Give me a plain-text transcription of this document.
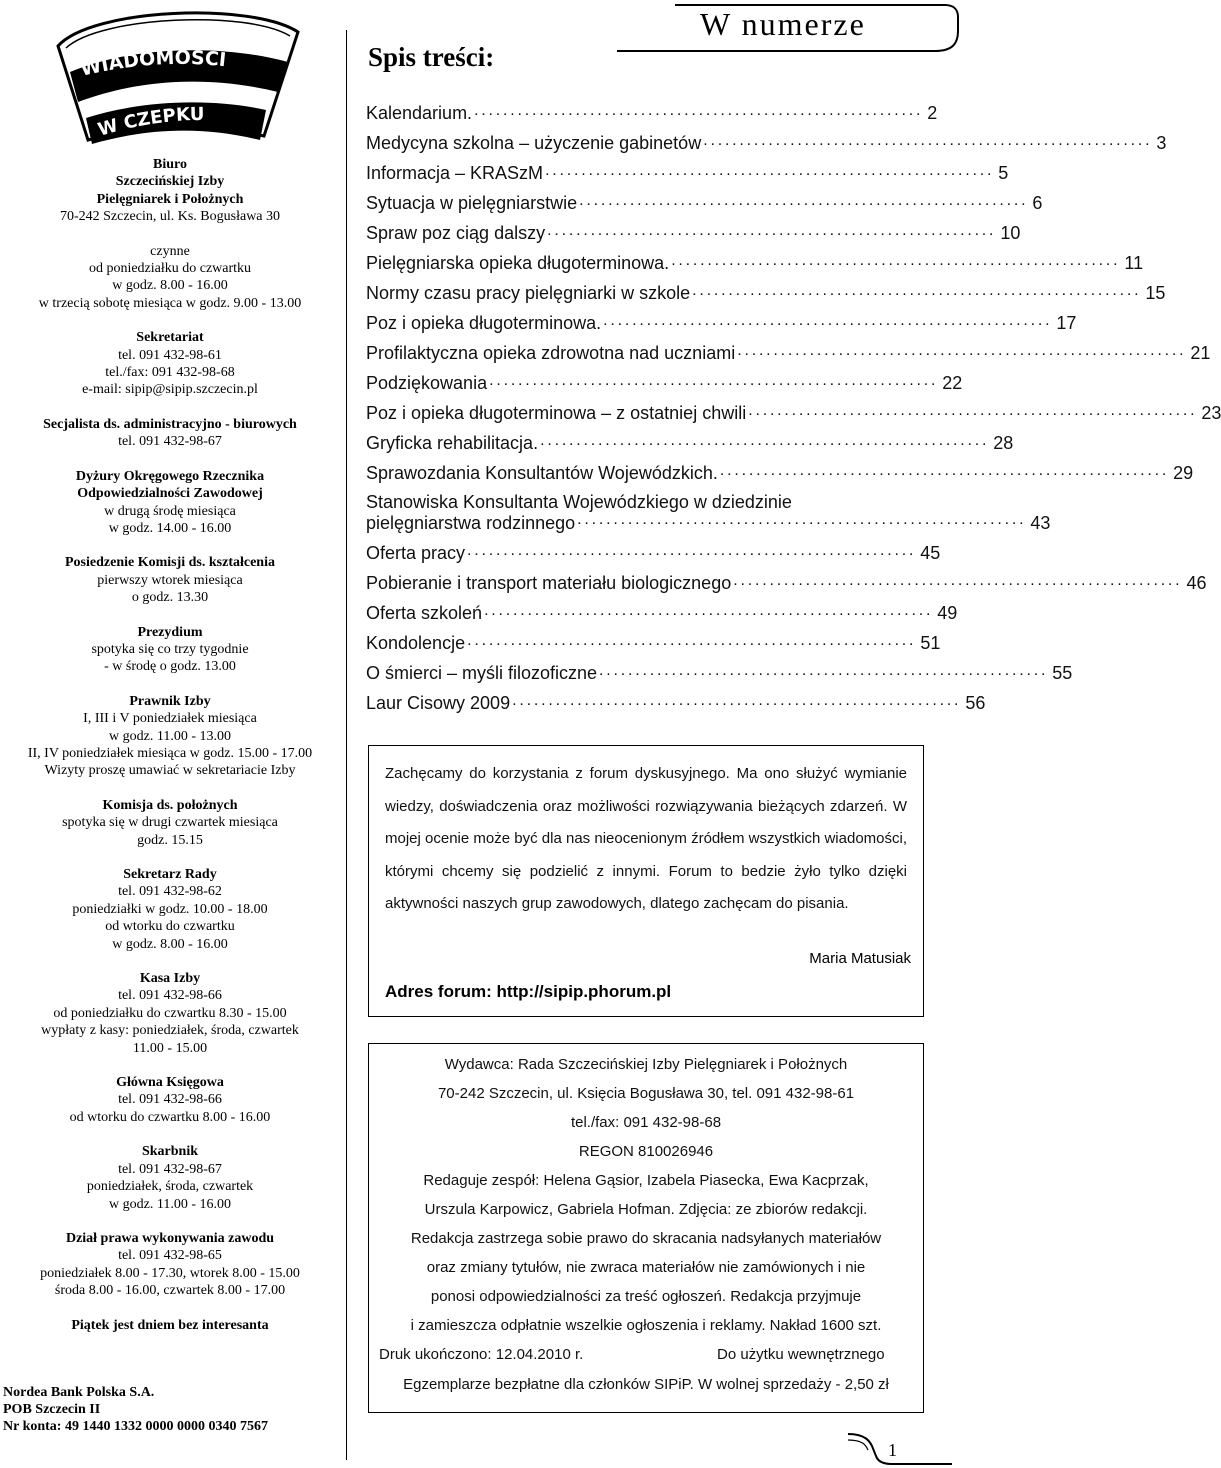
WIADOMOŚCI
W CZEPKU
Biuro
Szczecińskiej Izby
Pielęgniarek i Położnych
70-242 Szczecin, ul. Ks. Bogusława 30
czynne
od poniedziałku do czwartku
w godz. 8.00 - 16.00
w trzecią sobotę miesiąca w godz. 9.00 - 13.00
Sekretariat
tel. 091 432-98-61
tel./fax: 091 432-98-68
e-mail: sipip@sipip.szczecin.pl
Secjalista ds. administracyjno - biurowych
tel. 091 432-98-67
Dyżury Okręgowego Rzecznika
Odpowiedzialności Zawodowej
w drugą środę miesiąca
w godz. 14.00 - 16.00
Posiedzenie Komisji ds. kształcenia
pierwszy wtorek miesiąca
o godz. 13.30
Prezydium
spotyka się co trzy tygodnie
- w środę o godz. 13.00
Prawnik Izby
I, III i V poniedziałek miesiąca
w godz. 11.00 - 13.00
II, IV poniedziałek miesiąca w godz. 15.00 - 17.00
Wizyty proszę umawiać w sekretariacie Izby
Komisja ds. położnych
spotyka się w drugi czwartek miesiąca
godz. 15.15
Sekretarz Rady
tel. 091 432-98-62
poniedziałki w godz. 10.00 - 18.00
od wtorku do czwartku
w godz. 8.00 - 16.00
Kasa Izby
tel. 091 432-98-66
od poniedziałku do czwartku 8.30 - 15.00
wypłaty z kasy: poniedziałek, środa, czwartek
11.00 - 15.00
Główna Księgowa
tel. 091 432-98-66
od wtorku do czwartku 8.00 - 16.00
Skarbnik
tel. 091 432-98-67
poniedziałek, środa, czwartek
w godz. 11.00 - 16.00
Dział prawa wykonywania zawodu
tel. 091 432-98-65
poniedziałek 8.00 - 17.30, wtorek 8.00 - 15.00
środa 8.00 - 16.00, czwartek 8.00 - 17.00
Piątek jest dniem bez interesanta
Nordea Bank Polska S.A.
POB Szczecin II
Nr konta: 49 1440 1332 0000 0000 0340 7567
W numerze
Spis treści:
Kalendarium. .............................................................. 2
Medycyna szkolna – użyczenie gabinetów .............................................................. 3
Informacja – KRASzM .............................................................. 5
Sytuacja w pielęgniarstwie .............................................................. 6
Spraw poz ciąg dalszy .............................................................. 10
Pielęgniarska opieka długoterminowa. .............................................................. 11
Normy czasu pracy pielęgniarki w szkole .............................................................. 15
Poz i opieka długoterminowa. .............................................................. 17
Profilaktyczna opieka zdrowotna nad uczniami .............................................................. 21
Podziękowania .............................................................. 22
Poz i opieka długoterminowa – z ostatniej chwili .............................................................. 23
Gryficka rehabilitacja. .............................................................. 28
Sprawozdania Konsultantów Wojewódzkich. .............................................................. 29
Stanowiska Konsultanta Wojewódzkiego w dziedzinie
pielęgniarstwa rodzinnego .............................................................. 43
Oferta pracy .............................................................. 45
Pobieranie i transport materiału biologicznego .............................................................. 46
Oferta szkoleń .............................................................. 49
Kondolencje .............................................................. 51
O śmierci – myśli filozoficzne .............................................................. 55
Laur Cisowy 2009 .............................................................. 56
Zachęcamy do korzystania z forum dyskusyjnego. Ma ono służyć wymianie wiedzy, doświadczenia oraz możliwości rozwiązywania bieżących zdarzeń. W mojej ocenie może być dla nas nieocenionym źródłem wszystkich wiadomości, którymi chcemy się podzielić z innymi. Forum to bedzie żyło tylko dzięki aktywności naszych grup zawodowych, dlatego zachęcam do pisania.
Maria Matusiak
Adres forum: http://sipip.phorum.pl
Wydawca: Rada Szczecińskiej Izby Pielęgniarek i Położnych
70-242 Szczecin, ul. Księcia Bogusława 30, tel. 091 432-98-61
tel./fax: 091 432-98-68
REGON 810026946
Redaguje zespół: Helena Gąsior, Izabela Piasecka, Ewa Kacprzak,
Urszula Karpowicz, Gabriela Hofman. Zdjęcia: ze zbiorów redakcji.
Redakcja zastrzega sobie prawo do skracania nadsyłanych materiałów
oraz zmiany tytułów, nie zwraca materiałów nie zamówionych i nie
ponosi odpowiedzialności za treść ogłoszeń. Redakcja przyjmuje
i zamieszcza odpłatnie wszelkie ogłoszenia i reklamy. Nakład 1600 szt.
Druk ukończono: 12.04.2010 r.	Do użytku wewnętrznego
Egzemplarze bezpłatne dla członków SIPiP. W wolnej sprzedaży - 2,50 zł
1
